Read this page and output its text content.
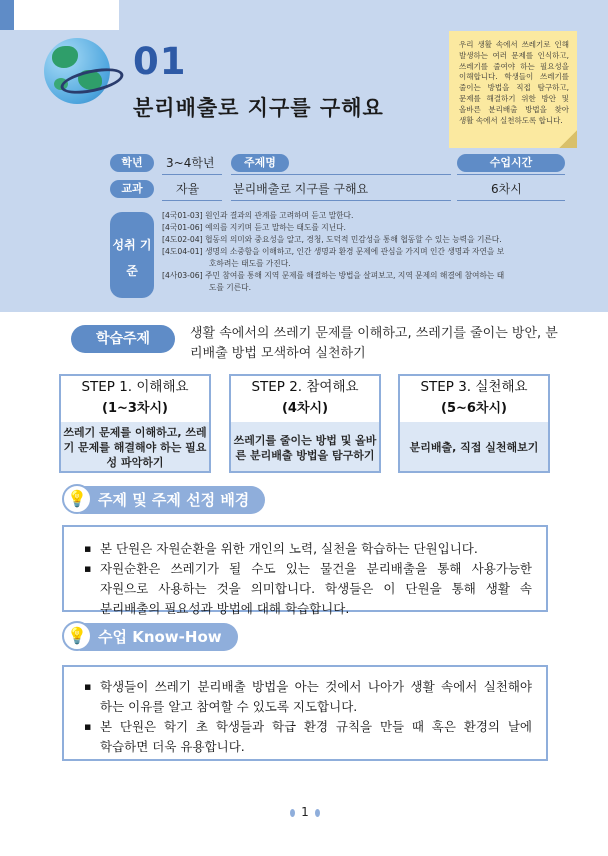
01
분리배출로 지구를 구해요
우리 생활 속에서 쓰레기로 인해 발생하는 여러 문제를 인식하고, 쓰레기를 줄여야 하는 필요성을 이해합니다. 학생들이 쓰레기를 줄이는 방법을 직접 탐구하고, 문제를 해결하기 위한 방안 및 올바른 분리배출 방법을 찾아 생활 속에서 실천하도록 합니다.
학년	3~4학년	주제명	수업시간
교과	자율	분리배출로 지구를 구해요	6차시
성취 기준
[4국01-03] 원인과 결과의 관계를 고려하며 듣고 말한다.
[4국01-06] 예의를 지키며 듣고 말하는 태도를 지닌다.
[4도02-04] 협동의 의미와 중요성을 알고, 경청, 도덕적 민감성을 통해 협동할 수 있는 능력을 기른다.
[4도04-01] 생명의 소중함을 이해하고, 인간 생명과 환경 문제에 관심을 가지며 인간 생명과 자연을 보
호하려는 태도를 가진다.
[4사03-06] 주민 참여를 통해 지역 문제를 해결하는 방법을 살펴보고, 지역 문제의 해결에 참여하는 태
도를 기른다.
학습주제	생활 속에서의 쓰레기 문제를 이해하고, 쓰레기를 줄이는 방안, 분리배출 방법 모색하여 실천하기
STEP 1. 이해해요
(1~3차시)
쓰레기 문제를 이해하고, 쓰레기 문제를 해결해야 하는 필요성 파악하기
STEP 2. 참여해요
(4차시)
쓰레기를 줄이는 방법 및 올바른 분리배출 방법을 탐구하기
STEP 3. 실천해요
(5~6차시)
분리배출, 직접 실천해보기
주제 및 주제 선정 배경
💡
▪ 본 단원은 자원순환을 위한 개인의 노력, 실천을 학습하는 단원입니다.
▪ 자원순환은 쓰레기가 될 수도 있는 물건을 분리배출을 통해 사용가능한 자원으로 사용하는 것을 의미합니다. 학생들은 이 단원을 통해 생활 속 분리배출의 필요성과 방법에 대해 학습합니다.
수업 Know-How
💡
▪ 학생들이 쓰레기 분리배출 방법을 아는 것에서 나아가 생활 속에서 실천해야 하는 이유를 알고 참여할 수 있도록 지도합니다.
▪ 본 단원은 학기 초 학생들과 학급 환경 규칙을 만들 때 혹은 환경의 날에 학습하면 더욱 유용합니다.
1
